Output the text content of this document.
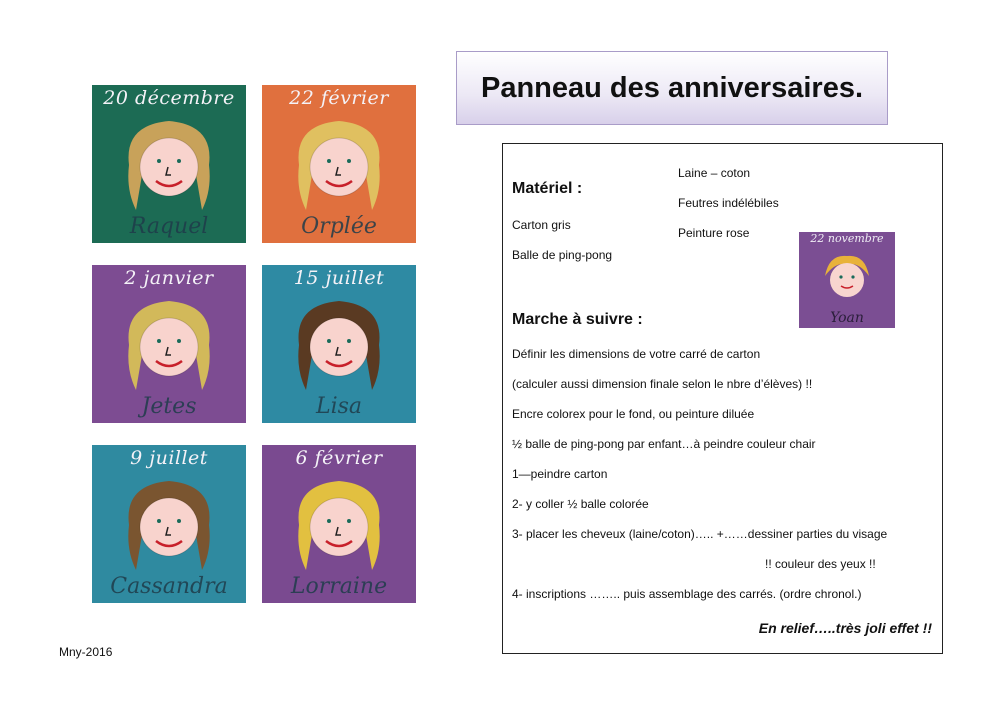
20 décembre
Raquel
22 février
Orplée
2 janvier
Jetes
15 juillet
Lisa
9 juillet
Cassandra
6 février
Lorraine
Panneau des anniversaires.
Matériel :
Carton gris
Balle de ping-pong
Laine – coton
Feutres indélébiles
Peinture rose	22 novembre
Yoan
Marche à suivre :
Définir les dimensions de votre carré de carton
(calculer aussi dimension finale selon le nbre d’élèves) !!
Encre colorex pour le fond, ou peinture diluée
½ balle de ping-pong par enfant…à peindre couleur chair
1—peindre carton
2- y coller ½ balle colorée
3- placer les cheveux (laine/coton)….. +……dessiner parties du visage
!! couleur des yeux !!
4- inscriptions …….. puis assemblage des carrés. (ordre chronol.)
En relief…..très joli effet !!
Mny-2016
